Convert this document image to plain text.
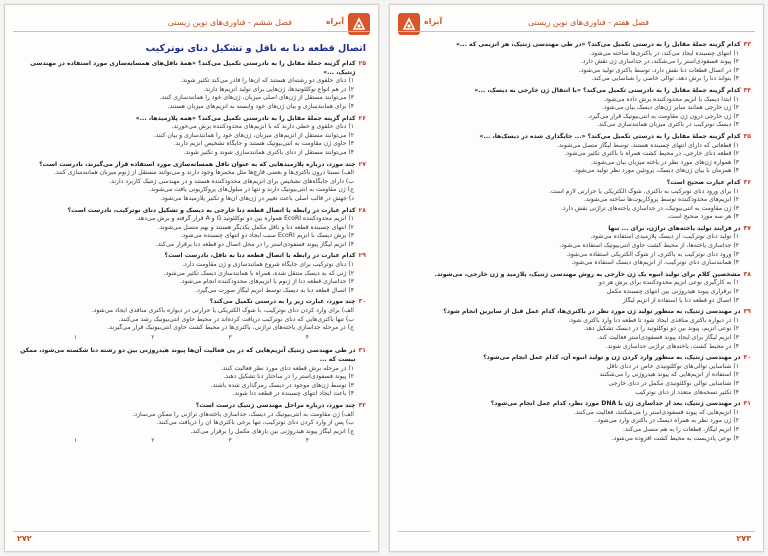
فصل ششم - فناوری‌های نوین زیستی	آبراه
اتصال قطعه دنا به ناقل و تشکیل دنای نوترکیب
۲۵
کدام گزینه جملهٔ مقابل را به نادرستی تکمیل می‌کند؟ «همهٔ ناقل‌های همسانه‌سازی مورد استفاده در مهندسی ژنتیک، ...»
۱) دنای حلقوی دو رشته‌ای هستند که آن‌ها را قادر می‌کند تکثیر شوند.
۲) در هم‌ انواع نوکلئوتیدها، ژن‌هایی برای تولید آنزیم‌ها دارند.
۳) می‌توانند مستقل از ژن‌های اصلی میزبان، ژن‌های خود را همانندسازی کنند.
۴) برای همانندسازی و بیان ژن‌های خود وابسته به آنزیم‌های میزبان هستند.
۲۶
کدام گزینه جملهٔ مقابل را به نادرستی تکمیل می‌کند؟ «همه پلازمیدها، ...»
۱) دنای حلقوی و خطی دارند که با آنزیم‌های محدودکننده برش می‌خورند.
۲) می‌توانند مستقل از آنزیم‌های میزبان، ژن‌های خود را همانندسازی و بیان کنند.
۳) حاوی ژن مقاومت به آنتی‌بیوتیک هستند و جایگاه تشخیص آنزیم دارند.
۴) می‌توانند مستقل از دنای باکتری همانندسازی شوند و تکثیر شوند.
۲۷
چند مورد، درباره پلازمیدهایی که به عنوان ناقل همسانه‌سازی مورد استفاده قرار می‌گیرند، نادرست است؟
الف) نسبتاً درون باکتری‌ها و بعضی قارچ‌ها مثل مخمرها وجود دارند و می‌توانند مستقل از ژنوم میزبان همانندسازی کنند.
ب) دارای جایگاه‌های تشخیص برای آنزیم‌های محدودکننده هستند و در مهندسی ژنتیک کاربرد دارند.
ج) ژن مقاومت به آنتی‌بیوتیک دارند و تنها در سلول‌های پروکاریوتی یافت می‌شوند.
د) جهش در قالب اصلی باعث تغییر در ژن‌های آن‌ها و تکثیر پلازمیدها می‌شود.
۲۸
کدام عبارت در رابطه با اتصال قطعه دنا خارجی به دیسک و تشکیل دنای نوترکیب، نادرست است؟
۱) آنزیم محدودکننده EcoRI همواره بین دو نوکلئوتید G و A قرار گرفته و برش می‌دهد.
۲) انتهای چسبنده قطعه دنا و ناقل مکمل یکدیگر هستند و بهم متصل می‌شوند.
۳) برش دیسک با آنزیم EcoRI سبب ایجاد دو انتهای چسبنده می‌شود.
۴) آنزیم لیگاز پیوند فسفودی‌استر را در محل اتصال دو قطعه دنا برقرار می‌کند.
۲۹
کدام عبارت در رابطه با اتصال قطعه دنا به ناقل، نادرست است؟
۱) دنای نوترکیب برای جایگاه شروع همانندسازی و ژن مقاومت دارد.
۲) ژنی که به دیسک منتقل شده، همراه با همانندسازی دیسک تکثیر می‌شود.
۳) جداسازی قطعه دنا از ژنوم با آنزیم‌های محدودکننده انجام می‌شود.
۴) اتصال قطعه دنا به دیسک توسط آنزیم لیگاز صورت می‌گیرد.
۳۰
چند مورد، عبارت زیر را به درستی تکمیل می‌کند؟
الف) برای وارد کردن دنای نوترکیب، با شوک الکتریکی یا حرارتی در دیواره باکتری منافذی ایجاد می‌شود.
ب) تنها باکتری‌هایی که دنای نوترکیب دریافت کرده‌اند در محیط حاوی آنتی‌بیوتیک رشد می‌کنند.
ج) در مرحله جداسازی یاخته‌های تراژنی، باکتری‌ها در محیط کشت حاوی آنتی‌بیوتیک قرار می‌گیرند.
۱	۲	۳	۴
۳۱
در طی مهندسی ژنتیک آنزیم‌هایی که در پی فعالیت آن‌ها پیوند هیدروژنی بین دو رشته دنا شکسته می‌شود، ممکن نیست که ...
۱) در مرحله برش قطعه دنای مورد نظر فعالیت کنند.
۲) پیوند فسفودی‌استر را در ساختار دنا تشکیل دهند.
۳) توسط ژن‌های موجود در دیسک رمزگذاری شده باشند.
۴) باعث ایجاد انتهای چسبنده در قطعه دنا شوند.
۳۲
چند مورد، درباره مراحل مهندسی ژنتیک درست است؟
الف) ژن مقاومت به آنتی‌بیوتیک در دیسک، جداسازی یاخته‌های تراژنی را ممکن می‌سازد.
ب) پس از وارد کردن دنای نوترکیب، تنها برخی باکتری‌ها آن را دریافت می‌کنند.
ج) آنزیم لیگاز پیوند هیدروژنی بین بازهای مکمل را برقرار می‌کند.
۱	۲	۳	۴
۲۷۲
آبراه	فصل هفتم - فناوری‌های نوین زیستی
۳۳
کدام گزینه جملهٔ مقابل را به درستی تکمیل می‌کند؟ «در طی مهندسی ژنتیک، هر آنزیمی که ...»
۱) انتهای چسبنده ایجاد می‌کند، در باکتری‌ها ساخته می‌شود.
۲) پیوند فسفودی‌استر را می‌شکند، در جداسازی ژن نقش دارد.
۳) در اتصال قطعات دنا نقش دارد، توسط باکتری تولید می‌شود.
۴) بتواند دنا را برش دهد، توالی خاصی را شناسایی می‌کند.
۳۴
کدام گزینه جملهٔ مقابل را به نادرستی تکمیل می‌کند؟ «با انتقال ژن خارجی به دیسک، ...»
۱) ابتدا دیسک با آنزیم محدودکننده برش داده می‌شود.
۲) ژن خارجی همانند سایر ژن‌های دیسک بیان می‌شود.
۳) ژن خارجی درون ژن مقاومت به آنتی‌بیوتیک قرار می‌گیرد.
۴) دیسک نوترکیب در باکتری میزبان همانندسازی می‌کند.
۳۵
کدام گزینه جملهٔ مقابل را به درستی تکمیل می‌کند؟ «... جایگذاری شده در دیسک‌ها، ...»
۱) قطعاتی که دارای انتهای چسبنده هستند، توسط لیگاز متصل می‌شوند.
۲) قطعه دنای خارجی، در محیط کشت همراه با باکتری تکثیر می‌شود.
۳) همواره ژن‌های مورد نظر در یاخته میزبان بیان می‌شوند.
۴) همزمان با بیان ژن‌های دیسک، پروتئین مورد نظر تولید می‌شود.
۳۶
کدام عبارت صحیح است؟
۱) برای ورود دنای نوترکیب به باکتری، شوک الکتریکی یا حرارتی لازم است.
۲) آنزیم‌های محدودکننده توسط پروکاریوت‌ها ساخته می‌شوند.
۳) ژن مقاومت به آنتی‌بیوتیک، در جداسازی یاخته‌های تراژنی نقش دارد.
۴) هر سه مورد صحیح است.
۳۷
در فرایند تولید یاخته‌های تراژن، برای ... تنها
۱) تولید دنای نوترکیب، از دیسک پلازمیدی استفاده می‌شود.
۲) جداسازی یاخته‌ها، از محیط کشت حاوی آنتی‌بیوتیک استفاده می‌شود.
۳) ورود دنای نوترکیب به باکتری، از شوک الکتریکی استفاده می‌شود.
۴) همانندسازی دنای نوترکیب، از آنزیم‌های دیسک استفاده می‌شود.
۳۸
مشخصین کلام برای تولید انبوه یک ژن خارجی به روش مهندسی ژنتیک، پلازمید و ژن خارجی، می‌شوند.
۱) به کارگیری نوعی آنزیم محدودکننده برای برش هر دو
۲) برقراری پیوند هیدروژنی بین انتهای چسبنده مکمل
۳) اتصال دو قطعه دنا با استفاده از آنزیم لیگاز
۳۹
در مهندسی ژنتیک، به منظور تولید ژن مورد نظر در باکتری‌ها، کدام عمل قبل از سایرین انجام شود؟
۱) در دیواره باکتری منافذی ایجاد شود تا قطعه دنا وارد باکتری شود.
۲) نوعی آنزیم، پیوند بین دو نوکلئوتید را در دیسک تشکیل دهد.
۳) آنزیم لیگاز برای ایجاد پیوند فسفودی‌استر فعالیت کند.
۴) در محیط کشت، یاخته‌های تراژنی جداسازی شوند.
۴۰
در مهندسی ژنتیک، به منظور وارد کردن ژن و تولید انبوه آن، کدام عمل انجام می‌شود؟
۱) شناسایی توالی‌های نوکلئوتیدی خاص در دنای ناقل
۲) استفاده از آنزیم‌هایی که پیوند هیدروژنی را می‌شکنند
۳) شناسایی توالی نوکلئوتیدی مکمل در دنای خارجی
۴) تکثیر نسخه‌های متعدد از دنای نوترکیب
۴۱
در مهندسی ژنتیک، بعد از جداسازی ژن یا DNA مورد نظر، کدام عمل انجام می‌شود؟
۱) آنزیم‌هایی که پیوند فسفودی‌استر را می‌شکنند، فعالیت می‌کنند.
۲) ژن مورد نظر به همراه دیسک در باکتری وارد می‌شود.
۳) آنزیم لیگاز، قطعات را به هم متصل می‌کند.
۴) نوعی پادزیست به محیط کشت افزوده می‌شود.
۲۷۳
